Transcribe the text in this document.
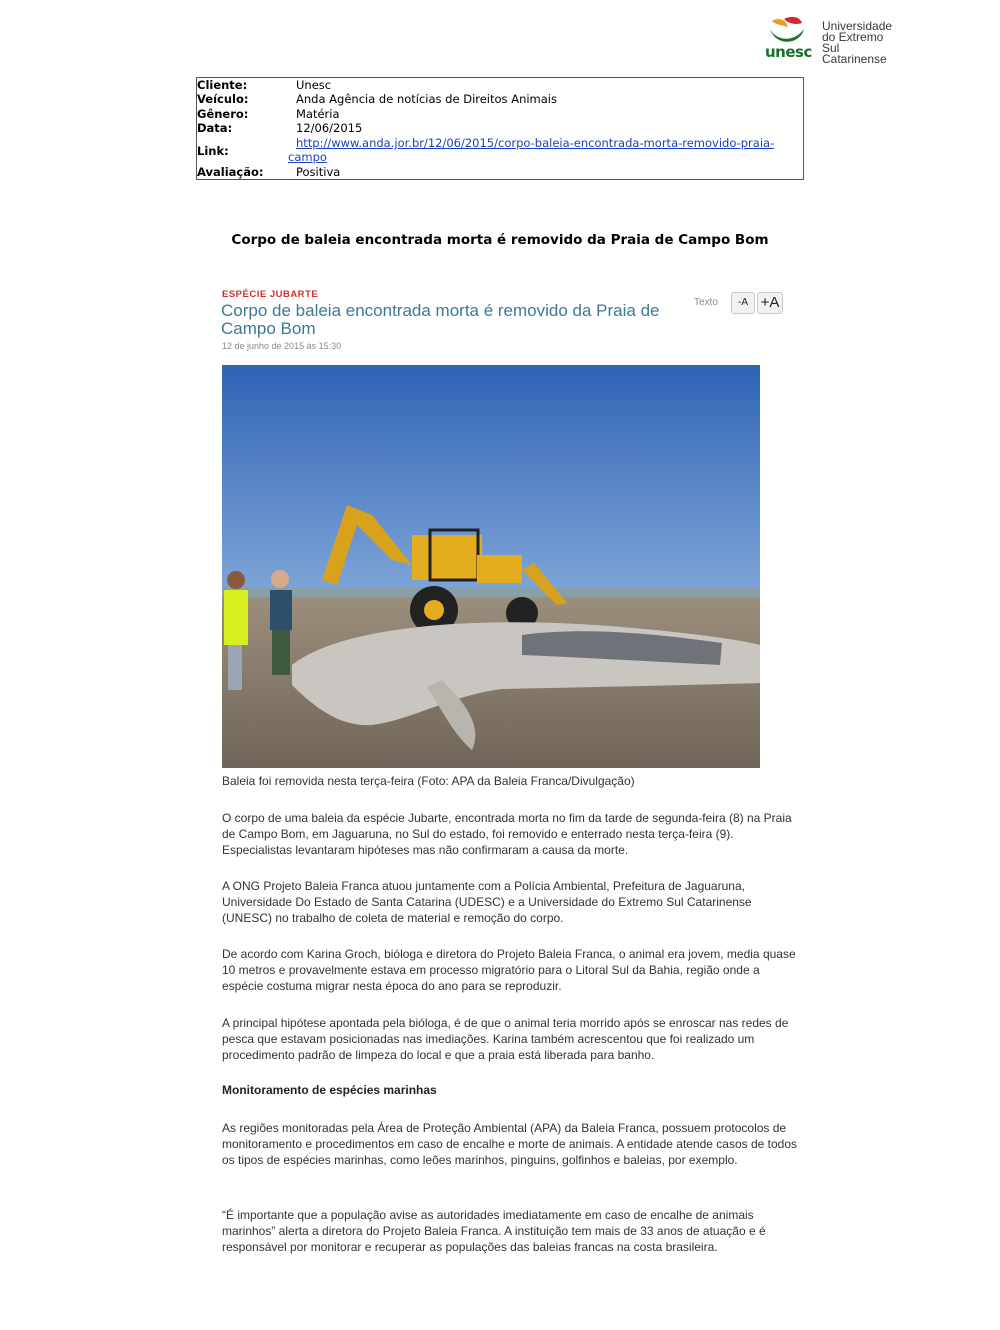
unesc
Universidade
do Extremo
Sul Catarinense
Cliente:	Unesc
Veículo:	Anda Agência de notícias de Direitos Animais
Gênero:	Matéria
Data:	12/06/2015
Link:
http://www.anda.jor.br/12/06/2015/corpo-baleia-encontrada-morta-removido-praia-campo
Avaliação:	Positiva
Corpo de baleia encontrada morta é removido da Praia de Campo Bom
ESPÉCIE JUBARTE
Corpo de baleia encontrada morta é removido da Praia de Campo Bom
12 de junho de 2015 às 15:30
Texto	-A +A
Baleia foi removida nesta terça-feira (Foto: APA da Baleia Franca/Divulgação)

O corpo de uma baleia da espécie Jubarte, encontrada morta no fim da tarde de segunda-feira (8) na Praia de Campo Bom, em Jaguaruna, no Sul do estado, foi removido e enterrado nesta terça-feira (9). Especialistas levantaram hipóteses mas não confirmaram a causa da morte.

A ONG Projeto Baleia Franca atuou juntamente com a Polícia Ambiental, Prefeitura de Jaguaruna, Universidade Do Estado de Santa Catarina (UDESC) e a Universidade do Extremo Sul Catarinense (UNESC) no trabalho de coleta de material e remoção do corpo.

De acordo com Karina Groch, bióloga e diretora do Projeto Baleia Franca, o animal era jovem, media quase 10 metros e provavelmente estava em processo migratório para o Litoral Sul da Bahia, região onde a espécie costuma migrar nesta época do ano para se reproduzir.

A principal hipótese apontada pela bióloga, é de que o animal teria morrido após se enroscar nas redes de pesca que estavam posicionadas nas imediações. Karina também acrescentou que foi realizado um procedimento padrão de limpeza do local e que a praia está liberada para banho.

Monitoramento de espécies marinhas

As regiões monitoradas pela Área de Proteção Ambiental (APA) da Baleia Franca, possuem protocolos de monitoramento e procedimentos em caso de encalhe e morte de animais. A entidade atende casos de todos os tipos de espécies marinhas, como leões marinhos, pinguins, golfinhos e baleias, por exemplo.

“É importante que a população avise as autoridades imediatamente em caso de encalhe de animais marinhos” alerta a diretora do Projeto Baleia Franca. A instituição tem mais de 33 anos de atuação e é responsável por monitorar e recuperar as populações das baleias francas na costa brasileira.
